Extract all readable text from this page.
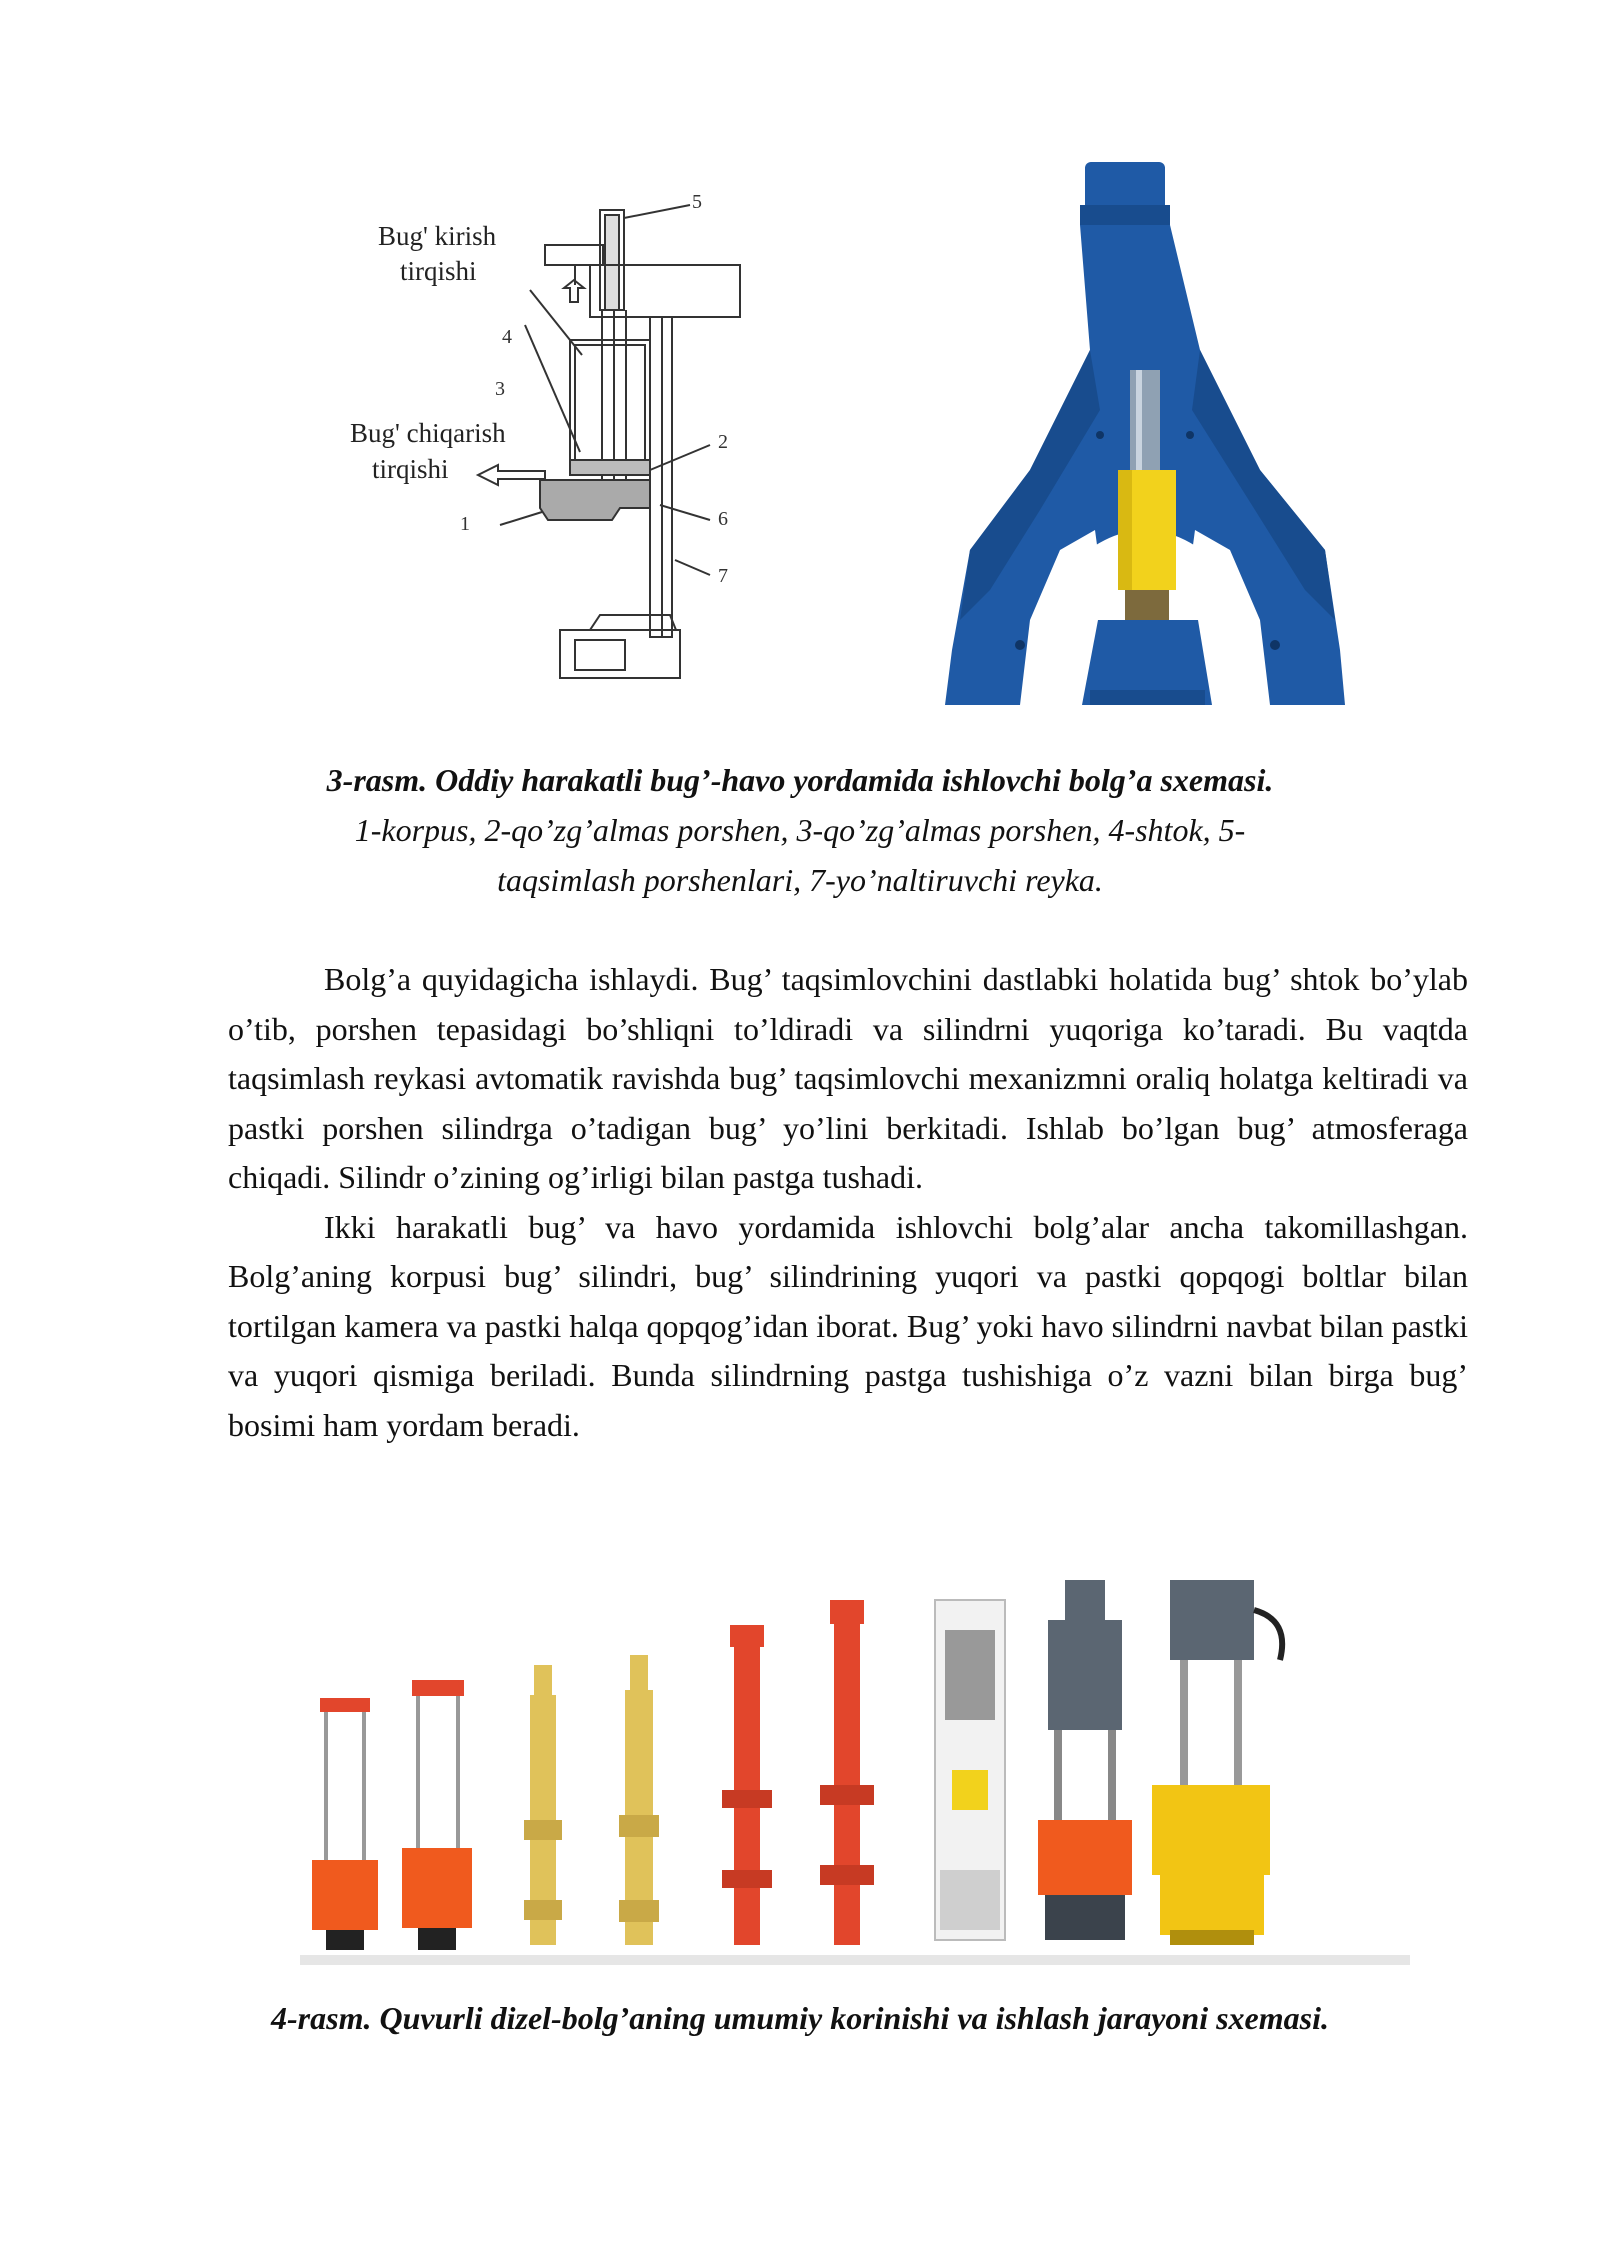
Bug' kirish
tirqishi
Bug' chiqarish
tirqishi
1
2
3
4
5
6
7
3-rasm. Oddiy harakatli bug’-havo yordamida ishlovchi bolg’a sxemasi.
1-korpus, 2-qo’zg’almas porshen, 3-qo’zg’almas porshen, 4-shtok, 5-
taqsimlash porshenlari, 7-yo’naltiruvchi reyka.

Bolg’a quyidagicha ishlaydi. Bug’ taqsimlovchini dastlabki holatida bug’ shtok bo’ylab o’tib, porshen tepasidagi bo’shliqni to’ldiradi va silindrni yuqoriga ko’taradi. Bu vaqtda taqsimlash reykasi avtomatik ravishda bug’ taqsimlovchi mexanizmni oraliq holatga keltiradi va pastki porshen silindrga o’tadigan bug’ yo’lini berkitadi. Ishlab bo’lgan bug’ atmosferaga chiqadi. Silindr o’zining og’irligi bilan pastga tushadi.

Ikki harakatli bug’ va havo yordamida ishlovchi bolg’alar ancha takomillashgan. Bolg’aning korpusi bug’ silindri, bug’ silindrining yuqori va pastki qopqogi boltlar bilan tortilgan kamera va pastki halqa qopqog’idan iborat. Bug’ yoki havo silindrni navbat bilan pastki va yuqori qismiga beriladi. Bunda silindrning pastga tushishiga o’z vazni bilan birga bug’ bosimi ham yordam beradi.

4-rasm. Quvurli dizel-bolg’aning umumiy korinishi va ishlash jarayoni sxemasi.
